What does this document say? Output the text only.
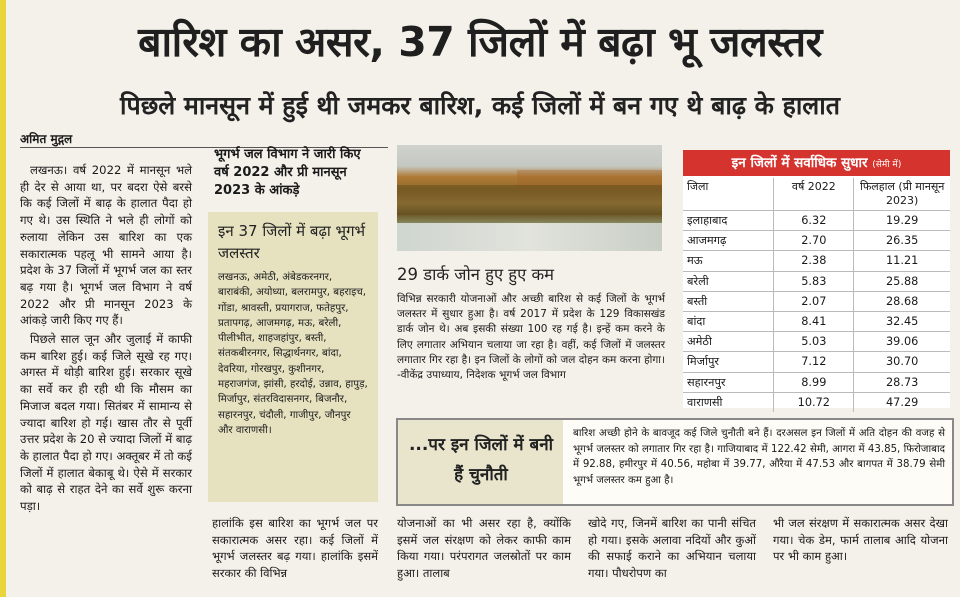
बारिश का असर, 37 जिलों में बढ़ा भू जलस्तर
पिछले मानसून में हुई थी जमकर बारिश, कई जिलों में बन गए थे बाढ़ के हालात
अमित मुद्गल

लखनऊ। वर्ष 2022 में मानसून भले ही देर से आया था, पर बदरा ऐसे बरसे कि कई जिलों में बाढ़ के हालात पैदा हो गए थे। उस स्थिति ने भले ही लोगों को रुलाया लेकिन उस बारिश का एक सकारात्मक पहलू भी सामने आया है। प्रदेश के 37 जिलों में भूगर्भ जल का स्तर बढ़ गया है। भूगर्भ जल विभाग ने वर्ष 2022 और प्री मानसून 2023 के आंकड़े जारी किए गए हैं।

पिछले साल जून और जुलाई में काफी कम बारिश हुई। कई जिले सूखे रह गए। अगस्त में थोड़ी बारिश हुई। सरकार सूखे का सर्वे कर ही रही थी कि मौसम का मिजाज बदल गया। सितंबर में सामान्य से ज्यादा बारिश हो गई। खास तौर से पूर्वी उत्तर प्रदेश के 20 से ज्यादा जिलों में बाढ़ के हालात पैदा हो गए। अक्तूबर में तो कई जिलों में हालात बेकाबू थे। ऐसे में सरकार को बाढ़ से राहत देने का सर्वे शुरू करना पड़ा।

भूगर्भ जल विभाग ने जारी किए वर्ष 2022 और प्री मानसून 2023 के आंकड़े
इन 37 जिलों में बढ़ा भूगर्भ जलस्तर
लखनऊ, अमेठी, अंबेडकरनगर, बाराबंकी, अयोध्या, बलरामपुर, बहराइच, गोंडा, श्रावस्ती, प्रयागराज, फतेहपुर, प्रतापगढ़, आजमगढ़, मऊ, बरेली, पीलीभीत, शाहजहांपुर, बस्ती, संतकबीरनगर, सिद्धार्थनगर, बांदा, देवरिया, गोरखपुर, कुशीनगर, महराजगंज, झांसी, हरदोई, उन्नाव, हापुड़, मिर्जापुर, संतरविदासनगर, बिजनौर, सहारनपुर, चंदौली, गाजीपुर, जौनपुर और वाराणसी।
29 डार्क जोन हुए हुए कम
विभिन्न सरकारी योजनाओं और अच्छी बारिश से कई जिलों के भूगर्भ जलस्तर में सुधार हुआ है। वर्ष 2017 में प्रदेश के 129 विकासखंड डार्क जोन थे। अब इसकी संख्या 100 रह गई है। इन्हें कम करने के लिए लगातार अभियान चलाया जा रहा है। वहीं, कई जिलों में जलस्तर लगातार गिर रहा है। इन जिलों के लोगों को जल दोहन कम करना होगा। -वीकेंद्र उपाध्याय, निदेशक भूगर्भ जल विभाग
इन जिलों में सर्वाधिक सुधार (सेमी में)
जिला	वर्ष 2022	फिलहाल (प्री मानसून 2023)
इलाहाबाद	6.32	19.29
आजमगढ़	2.70	26.35
मऊ	2.38	11.21
बरेली	5.83	25.88
बस्ती	2.07	28.68
बांदा	8.41	32.45
अमेठी	5.03	39.06
मिर्जापुर	7.12	30.70
सहारनपुर	8.99	28.73
वाराणसी	10.72	47.29
...पर इन जिलों में बनी हैं चुनौती
बारिश अच्छी होने के बावजूद कई जिले चुनौती बने हैं। दरअसल इन जिलों में अति दोहन की वजह से भूगर्भ जलस्तर को लगातार गिर रहा है। गाजियाबाद में 122.42 सेमी, आगरा में 43.85, फिरोजाबाद में 92.88, हमीरपुर में 40.56, महोबा में 39.77, औरैया में 47.53 और बागपत में 38.79 सेमी भूगर्भ जलस्तर कम हुआ है।
हालांकि इस बारिश का भूगर्भ जल पर सकारात्मक असर रहा। कई जिलों में भूगर्भ जलस्तर बढ़ गया। हालांकि इसमें सरकार की विभिन्न
योजनाओं का भी असर रहा है, क्योंकि इसमें जल संरक्षण को लेकर काफी काम किया गया। परंपरागत जलस्रोतों पर काम हुआ। तालाब
खोदे गए, जिनमें बारिश का पानी संचित हो गया। इसके अलावा नदियों और कुओं की सफाई कराने का अभियान चलाया गया। पौधरोपण का
भी जल संरक्षण में सकारात्मक असर देखा गया। चेक डेम, फार्म तालाब आदि योजना पर भी काम हुआ।
